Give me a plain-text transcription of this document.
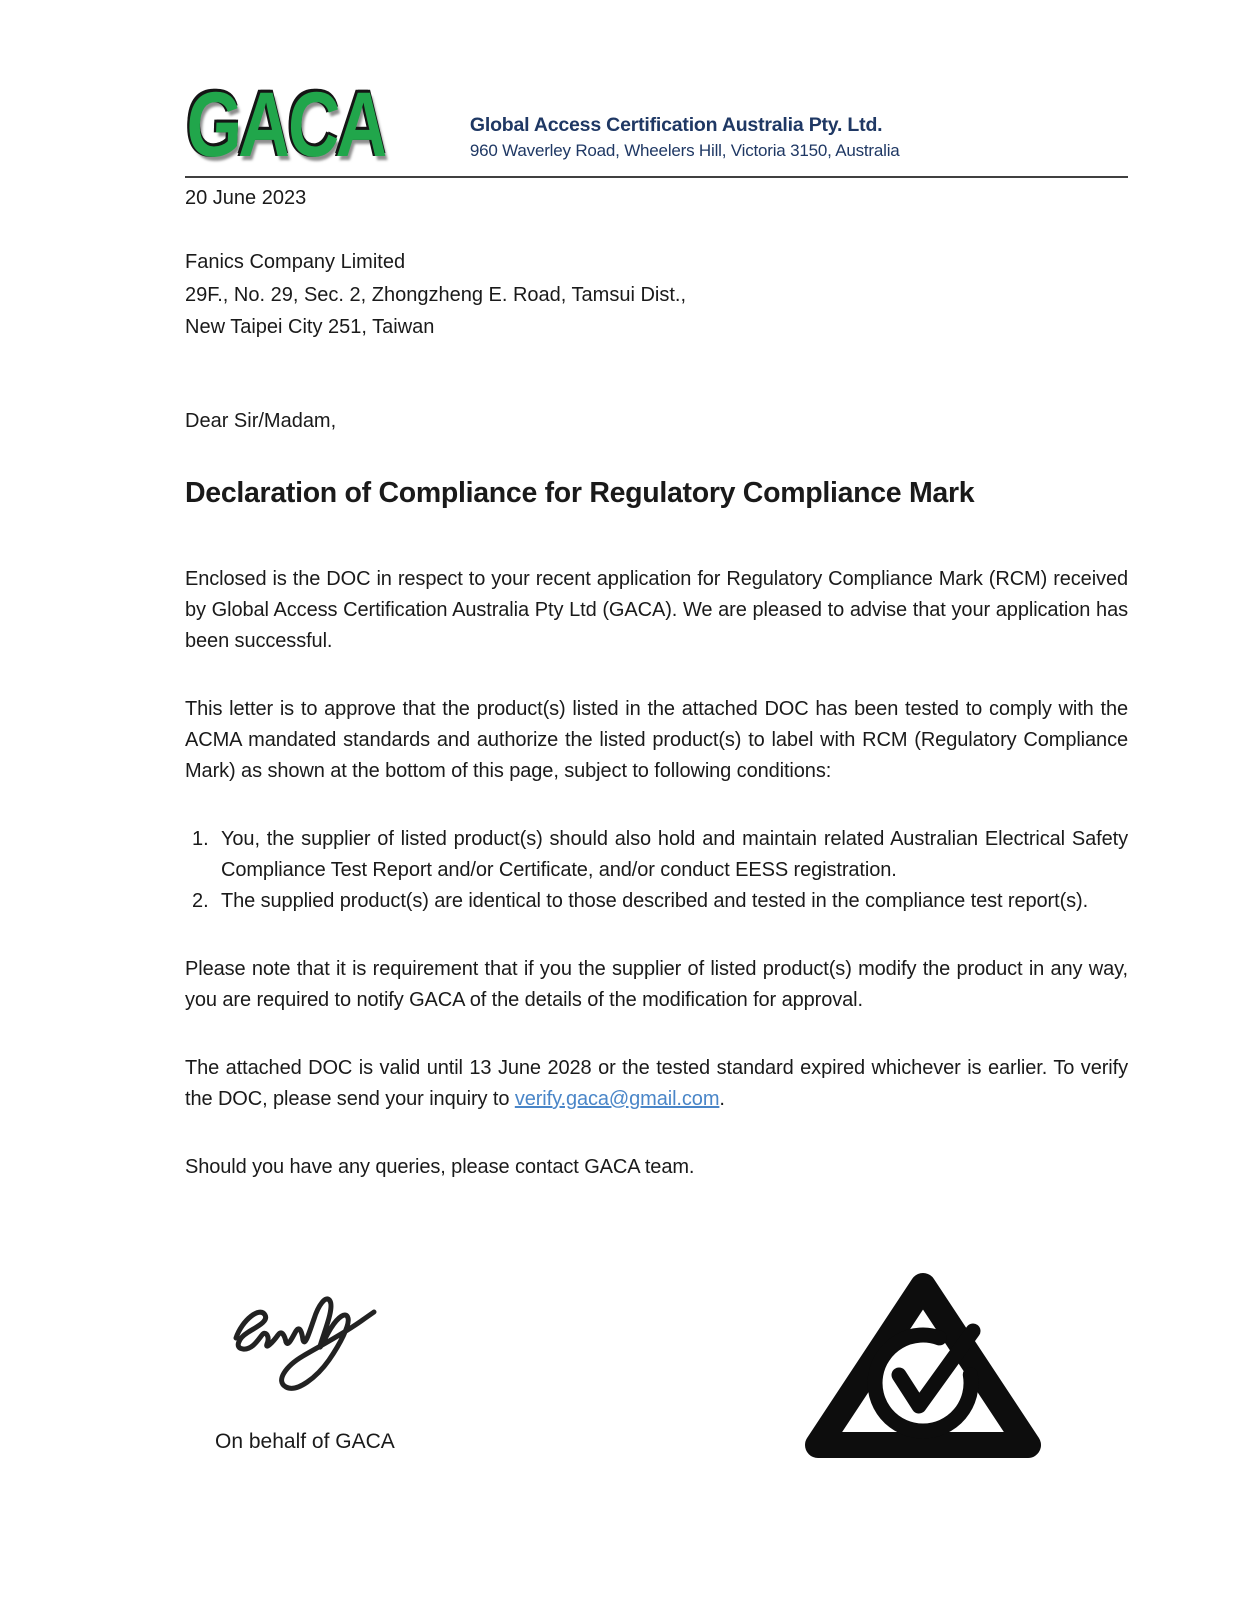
GACA	Global Access Certification Australia Pty. Ltd.
960 Waverley Road, Wheelers Hill, Victoria 3150, Australia
20 June 2023
Fanics Company Limited
29F., No. 29, Sec. 2, Zhongzheng E. Road, Tamsui Dist.,
New Taipei City 251, Taiwan
Dear Sir/Madam,
Declaration of Compliance for Regulatory Compliance Mark

Enclosed is the DOC in respect to your recent application for Regulatory Compliance Mark (RCM) received by Global Access Certification Australia Pty Ltd (GACA). We are pleased to advise that your application has been successful.

This letter is to approve that the product(s) listed in the attached DOC has been tested to comply with the ACMA mandated standards and authorize the listed product(s) to label with RCM (Regulatory Compliance Mark) as shown at the bottom of this page, subject to following conditions:

1. You, the supplier of listed product(s) should also hold and maintain related Australian Electrical Safety Compliance Test Report and/or Certificate, and/or conduct EESS registration.
2. The supplied product(s) are identical to those described and tested in the compliance test report(s).

Please note that it is requirement that if you the supplier of listed product(s) modify the product in any way, you are required to notify GACA of the details of the modification for approval.

The attached DOC is valid until 13 June 2028 or the tested standard expired whichever is earlier. To verify the DOC, please send your inquiry to verify.gaca@gmail.com.

Should you have any queries, please contact GACA team.

On behalf of GACA
